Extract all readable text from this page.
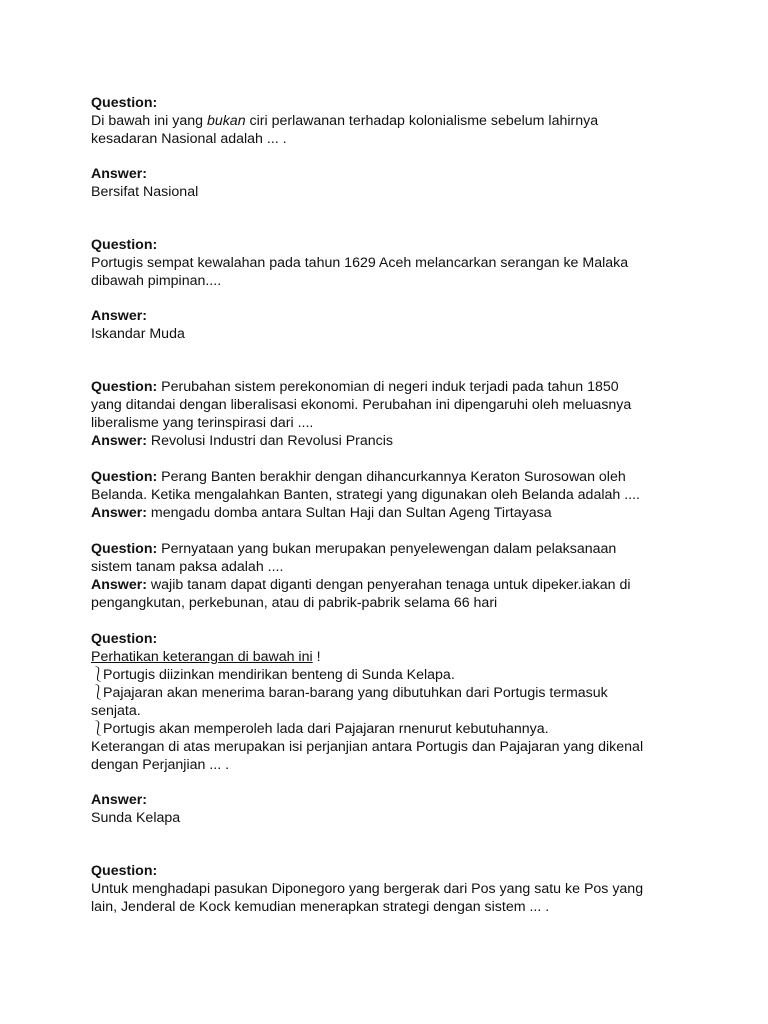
Question:

Di bawah ini yang bukan ciri perlawanan terhadap kolonialisme sebelum lahirnya

kesadaran Nasional adalah ... .

Answer:

Bersifat Nasional

Question:

Portugis sempat kewalahan pada tahun 1629 Aceh melancarkan serangan ke Malaka

dibawah pimpinan....

Answer:

Iskandar Muda

Question: Perubahan sistem perekonomian di negeri induk terjadi pada tahun 1850

yang ditandai dengan liberalisasi ekonomi. Perubahan ini dipengaruhi oleh meluasnya

liberalisme yang terinspirasi dari ....

Answer: Revolusi Industri dan Revolusi Prancis

Question: Perang Banten berakhir dengan dihancurkannya Keraton Surosowan oleh

Belanda. Ketika mengalahkan Banten, strategi yang digunakan oleh Belanda adalah ....

Answer: mengadu domba antara Sultan Haji dan Sultan Ageng Tirtayasa

Question: Pernyataan yang bukan merupakan penyelewengan dalam pelaksanaan

sistem tanam paksa adalah ....

Answer: wajib tanam dapat diganti dengan penyerahan tenaga untuk dipeker.iakan di

pengangkutan, perkebunan, atau di pabrik-pabrik selama 66 hari

Question:

Perhatikan keterangan di bawah ini !

⎱Portugis diizinkan mendirikan benteng di Sunda Kelapa.

⎱Pajajaran akan menerima baran-barang yang dibutuhkan dari Portugis termasuk

senjata.

⎱Portugis akan memperoleh lada dari Pajajaran rnenurut kebutuhannya.

Keterangan di atas merupakan isi perjanjian antara Portugis dan Pajajaran yang dikenal

dengan Perjanjian ... .

Answer:

Sunda Kelapa

Question:

Untuk menghadapi pasukan Diponegoro yang bergerak dari Pos yang satu ke Pos yang

lain, Jenderal de Kock kemudian menerapkan strategi dengan sistem ... .
